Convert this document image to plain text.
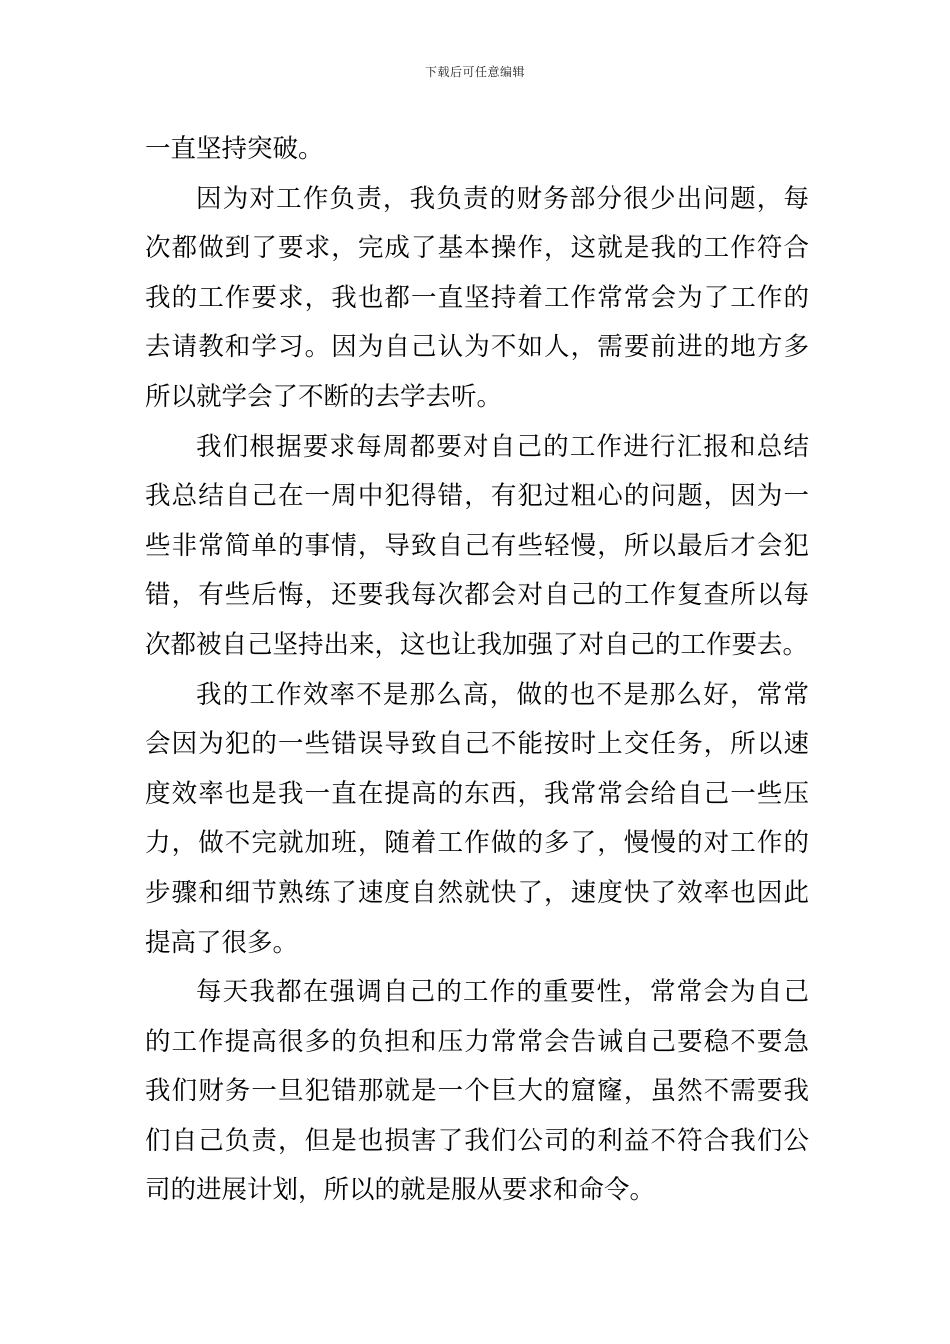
下载后可任意编辑
一直坚持突破。
因为对工作负责，我负责的财务部分很少出问题，每
次都做到了要求，完成了基本操作，这就是我的工作符合
我的工作要求，我也都一直坚持着工作常常会为了工作的
去请教和学习。因为自己认为不如人，需要前进的地方多
所以就学会了不断的去学去听。
我们根据要求每周都要对自己的工作进行汇报和总结
我总结自己在一周中犯得错，有犯过粗心的问题，因为一
些非常简单的事情，导致自己有些轻慢，所以最后才会犯
错，有些后悔，还要我每次都会对自己的工作复查所以每
次都被自己坚持出来，这也让我加强了对自己的工作要去。
我的工作效率不是那么高，做的也不是那么好，常常
会因为犯的一些错误导致自己不能按时上交任务，所以速
度效率也是我一直在提高的东西，我常常会给自己一些压
力，做不完就加班，随着工作做的多了，慢慢的对工作的
步骤和细节熟练了速度自然就快了，速度快了效率也因此
提高了很多。
每天我都在强调自己的工作的重要性，常常会为自己
的工作提高很多的负担和压力常常会告诫自己要稳不要急
我们财务一旦犯错那就是一个巨大的窟窿，虽然不需要我
们自己负责，但是也损害了我们公司的利益不符合我们公
司的进展计划，所以的就是服从要求和命令。
